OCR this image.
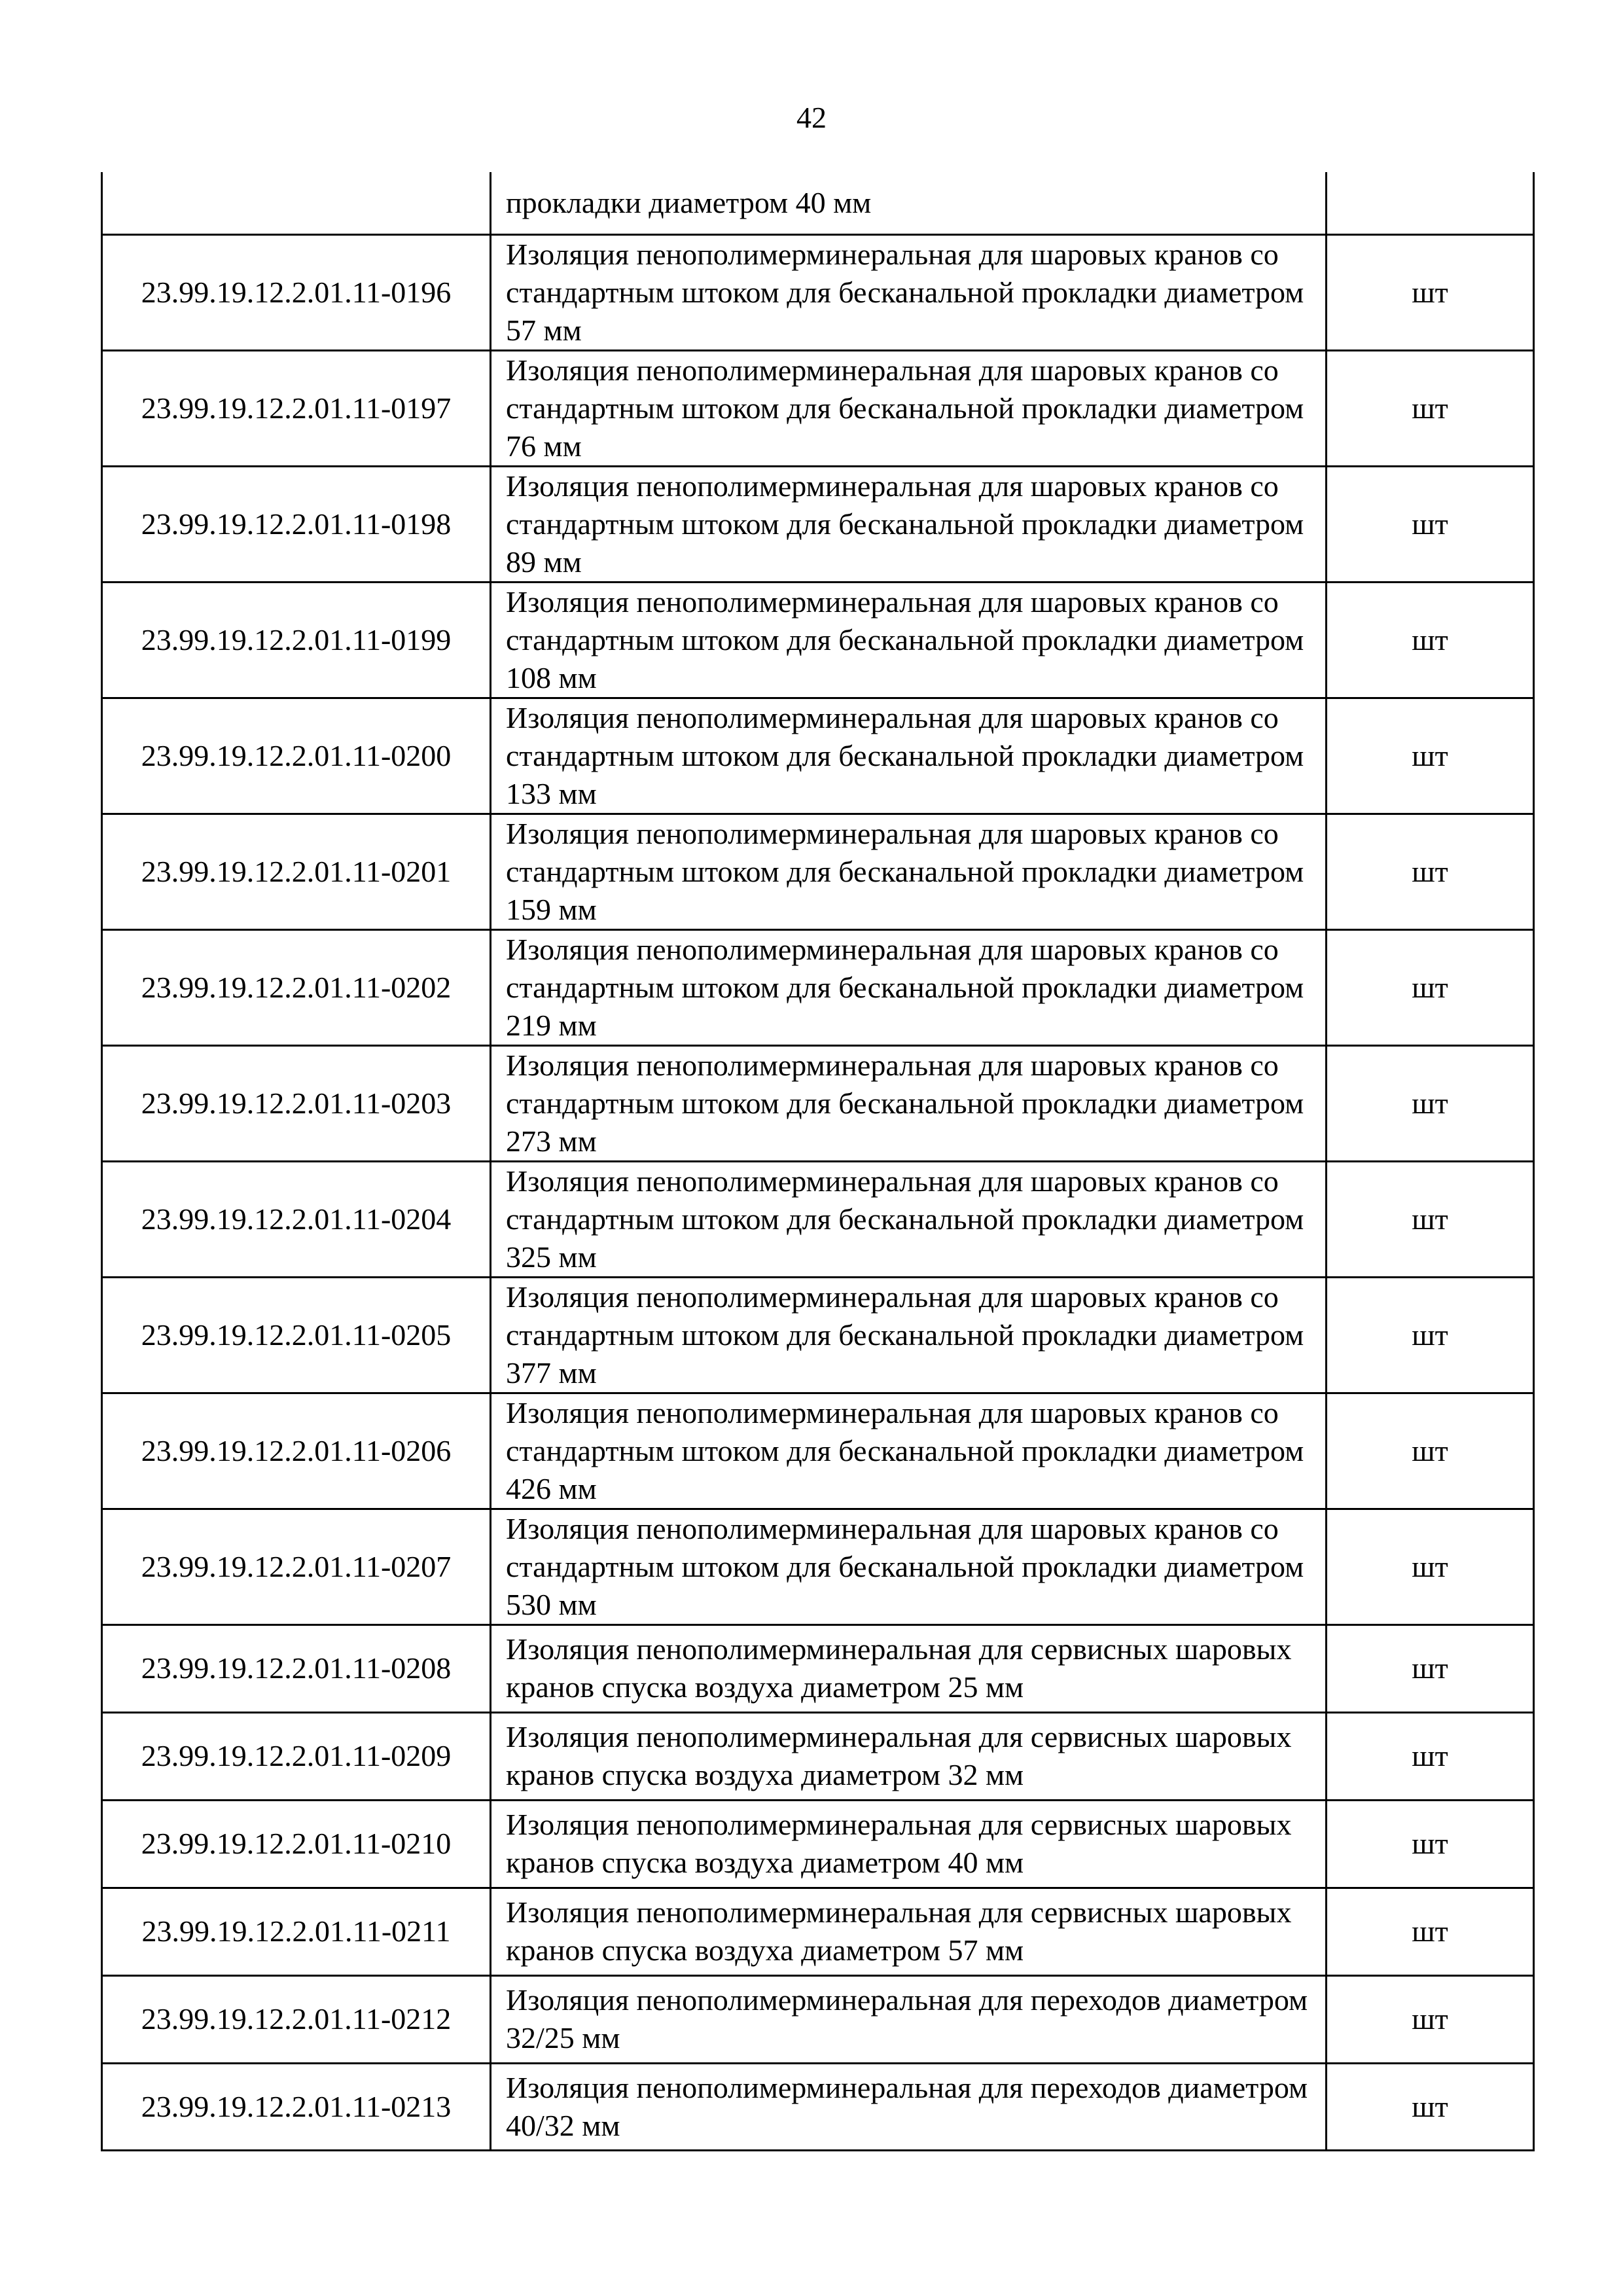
42
	прокладки диаметром 40 мм	
23.99.19.12.2.01.11-0196	Изоляция пенополимерминеральная для шаровых кранов со стандартным штоком для бесканальной прокладки диаметром 57 мм	шт
23.99.19.12.2.01.11-0197	Изоляция пенополимерминеральная для шаровых кранов со стандартным штоком для бесканальной прокладки диаметром 76 мм	шт
23.99.19.12.2.01.11-0198	Изоляция пенополимерминеральная для шаровых кранов со стандартным штоком для бесканальной прокладки диаметром 89 мм	шт
23.99.19.12.2.01.11-0199	Изоляция пенополимерминеральная для шаровых кранов со стандартным штоком для бесканальной прокладки диаметром 108 мм	шт
23.99.19.12.2.01.11-0200	Изоляция пенополимерминеральная для шаровых кранов со стандартным штоком для бесканальной прокладки диаметром 133 мм	шт
23.99.19.12.2.01.11-0201	Изоляция пенополимерминеральная для шаровых кранов со стандартным штоком для бесканальной прокладки диаметром 159 мм	шт
23.99.19.12.2.01.11-0202	Изоляция пенополимерминеральная для шаровых кранов со стандартным штоком для бесканальной прокладки диаметром 219 мм	шт
23.99.19.12.2.01.11-0203	Изоляция пенополимерминеральная для шаровых кранов со стандартным штоком для бесканальной прокладки диаметром 273 мм	шт
23.99.19.12.2.01.11-0204	Изоляция пенополимерминеральная для шаровых кранов со стандартным штоком для бесканальной прокладки диаметром 325 мм	шт
23.99.19.12.2.01.11-0205	Изоляция пенополимерминеральная для шаровых кранов со стандартным штоком для бесканальной прокладки диаметром 377 мм	шт
23.99.19.12.2.01.11-0206	Изоляция пенополимерминеральная для шаровых кранов со стандартным штоком для бесканальной прокладки диаметром 426 мм	шт
23.99.19.12.2.01.11-0207	Изоляция пенополимерминеральная для шаровых кранов со стандартным штоком для бесканальной прокладки диаметром 530 мм	шт
23.99.19.12.2.01.11-0208	Изоляция пенополимерминеральная для сервисных шаровых кранов спуска воздуха диаметром 25 мм	шт
23.99.19.12.2.01.11-0209	Изоляция пенополимерминеральная для сервисных шаровых кранов спуска воздуха диаметром 32 мм	шт
23.99.19.12.2.01.11-0210	Изоляция пенополимерминеральная для сервисных шаровых кранов спуска воздуха диаметром 40 мм	шт
23.99.19.12.2.01.11-0211	Изоляция пенополимерминеральная для сервисных шаровых кранов спуска воздуха диаметром 57 мм	шт
23.99.19.12.2.01.11-0212	Изоляция пенополимерминеральная для переходов диаметром 32/25 мм	шт
23.99.19.12.2.01.11-0213	Изоляция пенополимерминеральная для переходов диаметром 40/32 мм	шт
